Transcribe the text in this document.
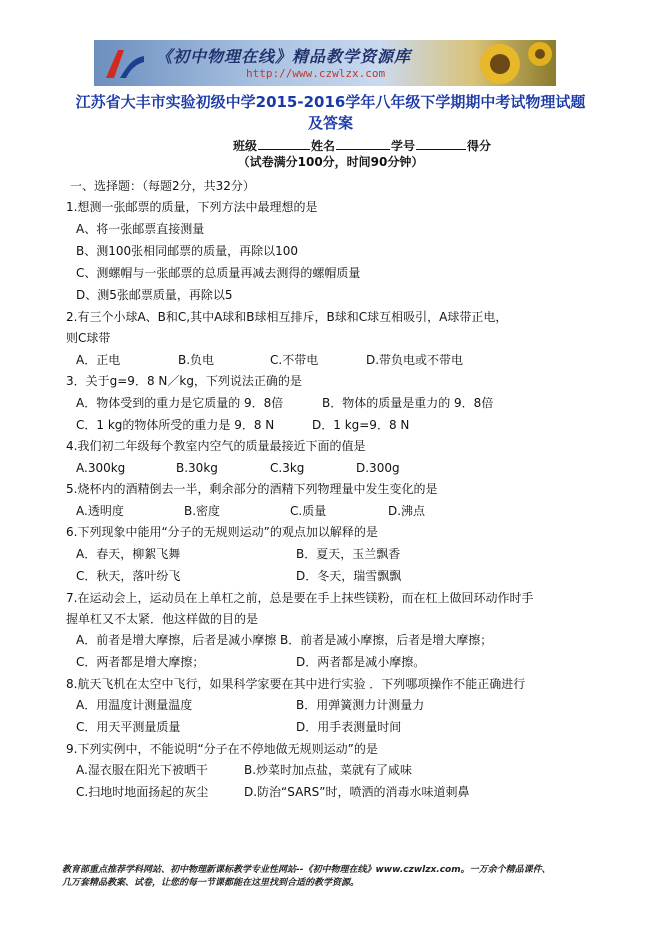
《初中物理在线》精品教学资源库
http://www.czwlzx.com
江苏省大丰市实验初级中学2015-2016学年八年级下学期期中考试物理试题
及答案
班级	姓名	学号	得分
（试卷满分100分，时间90分钟）
一、选择题：（每题2分，共32分）
1.想测一张邮票的质量，下列方法中最理想的是
A、将一张邮票直接测量
B、测100张相同邮票的质量，再除以100
C、测螺帽与一张邮票的总质量再减去测得的螺帽质量
D、测5张邮票质量，再除以5
2.有三个小球A、B和C,其中A球和B球相互排斥，B球和C球互相吸引，A球带正电，
则C球带
A．正电	B.负电	C.不带电	D.带负电或不带电
3．关于g=9．8 N／kg，下列说法正确的是
A．物体受到的重力是它质量的 9．8倍	B．物体的质量是重力的 9．8倍
C．1 kg的物体所受的重力是 9．8 N	D．1 kg=9．8 N
4.我们初二年级每个教室内空气的质量最接近下面的值是
A.300kg	B.30kg	C.3kg	D.300g
5.烧杯内的酒精倒去一半，剩余部分的酒精下列物理量中发生变化的是
A.透明度	B.密度	C.质量	D.沸点
6.下列现象中能用“分子的无规则运动”的观点加以解释的是
A．春天，柳絮飞舞	B．夏天，玉兰飘香
C．秋天，落叶纷飞	D．冬天，瑞雪飘飘
7.在运动会上，运动员在上单杠之前，总是要在手上抹些镁粉，而在杠上做回环动作时手
握单杠又不太紧．他这样做的目的是
A．前者是增大摩擦，后者是减小摩擦 B．前者是减小摩擦，后者是增大摩擦；
C．两者都是增大摩擦；	D．两者都是减小摩擦。
8.航天飞机在太空中飞行，如果科学家要在其中进行实验 ．下列哪项操作不能正确进行
A．用温度计测量温度	B．用弹簧测力计测量力
C．用天平测量质量	D．用手表测量时间
9.下列实例中，不能说明“分子在不停地做无规则运动”的是
A.湿衣服在阳光下被晒干	B.炒菜时加点盐，菜就有了咸味
C.扫地时地面扬起的灰尘	D.防治“SARS”时，喷洒的消毒水味道刺鼻
教育部重点推荐学科网站、初中物理新课标教学专业性网站--《初中物理在线》www.czwlzx.com。一万余个精品课件、
几万套精品教案、试卷，让您的每一节课都能在这里找到合适的教学资源。
